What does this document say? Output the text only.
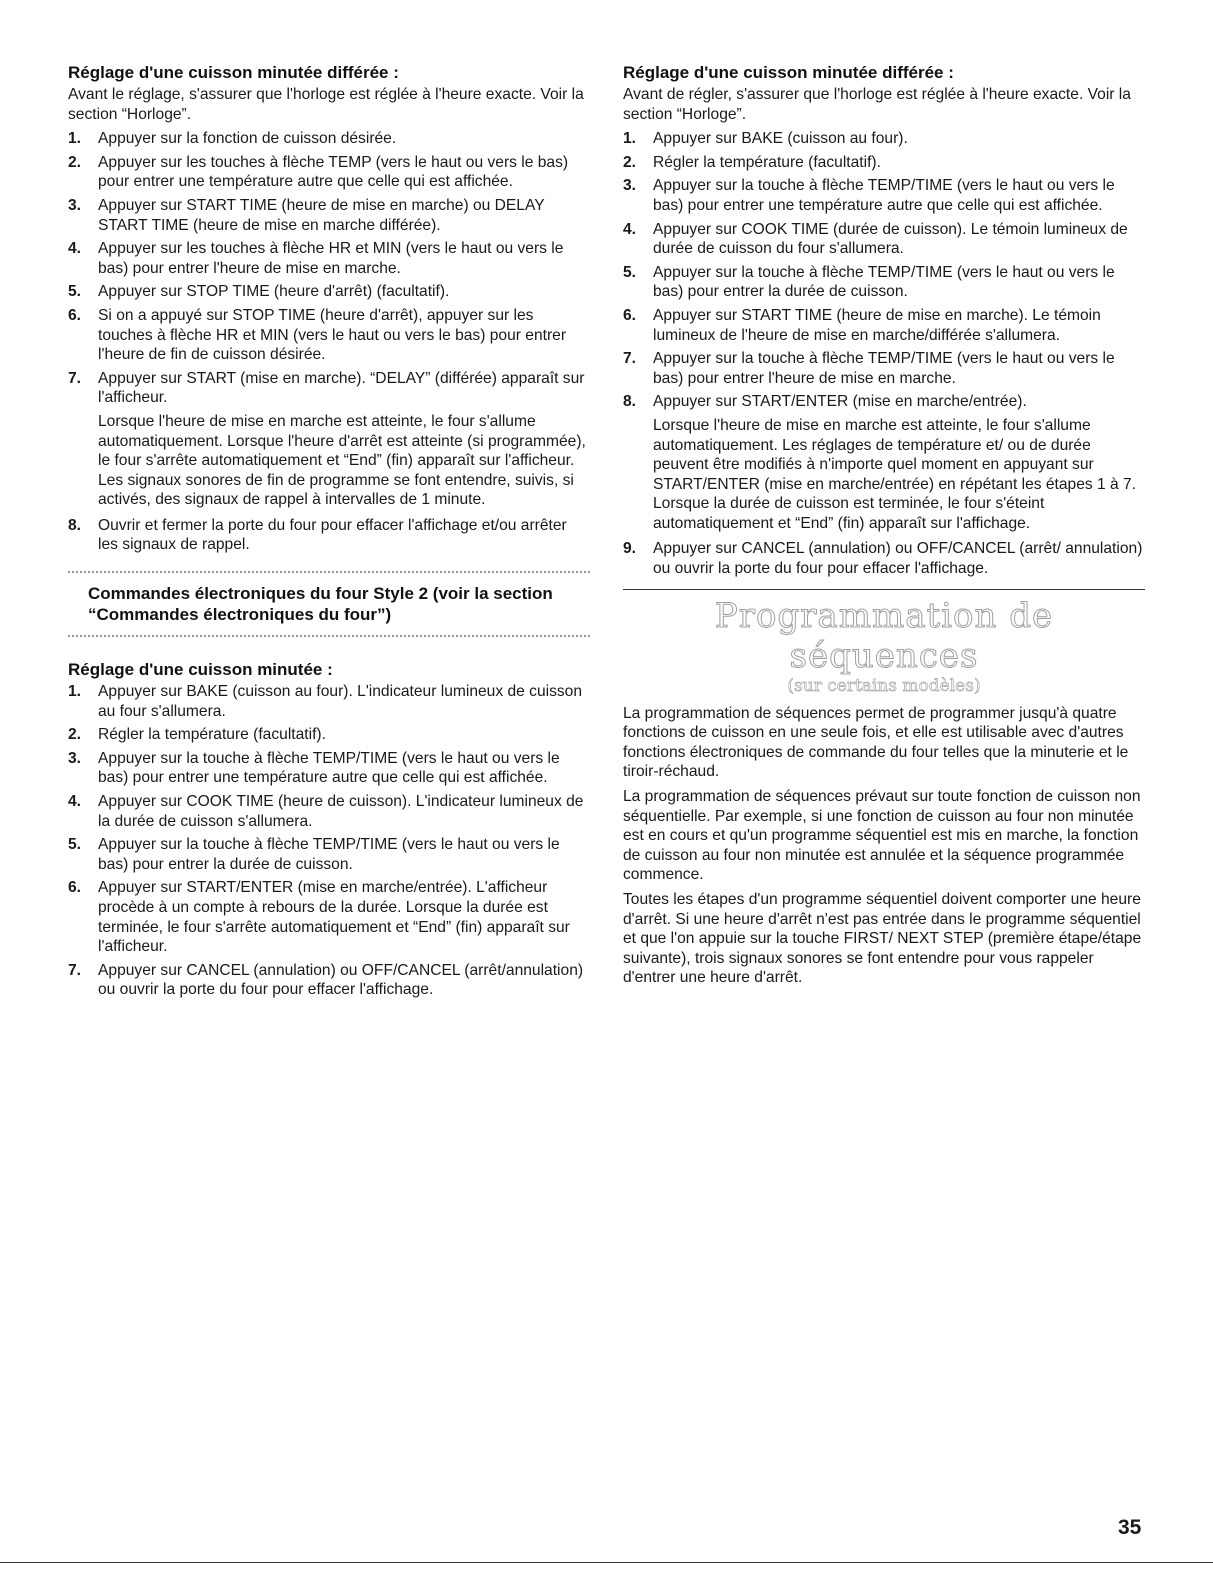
Réglage d'une cuisson minutée différée :

Avant le réglage, s'assurer que l'horloge est réglée à l'heure exacte. Voir la section “Horloge”.

1.	Appuyer sur la fonction de cuisson désirée.
2.	Appuyer sur les touches à flèche TEMP (vers le haut ou vers le bas) pour entrer une température autre que celle qui est affichée.
3.	Appuyer sur START TIME (heure de mise en marche) ou DELAY START TIME (heure de mise en marche différée).
4.	Appuyer sur les touches à flèche HR et MIN (vers le haut ou vers le bas) pour entrer l'heure de mise en marche.
5.	Appuyer sur STOP TIME (heure d'arrêt) (facultatif).
6.	Si on a appuyé sur STOP TIME (heure d'arrêt), appuyer sur les touches à flèche HR et MIN (vers le haut ou vers le bas) pour entrer l'heure de fin de cuisson désirée.
7.	Appuyer sur START (mise en marche). “DELAY” (différée) apparaît sur l'afficheur.
Lorsque l'heure de mise en marche est atteinte, le four s'allume automatiquement. Lorsque l'heure d'arrêt est atteinte (si programmée), le four s'arrête automatiquement et “End” (fin) apparaît sur l'afficheur. Les signaux sonores de fin de programme se font entendre, suivis, si activés, des signaux de rappel à intervalles de 1 minute.
8.	Ouvrir et fermer la porte du four pour effacer l'affichage et/ou arrêter les signaux de rappel.
Commandes électroniques du four Style 2 (voir la section “Commandes électroniques du four”)
Réglage d'une cuisson minutée :
1.	Appuyer sur BAKE (cuisson au four). L'indicateur lumineux de cuisson au four s'allumera.
2.	Régler la température (facultatif).
3.	Appuyer sur la touche à flèche TEMP/TIME (vers le haut ou vers le bas) pour entrer une température autre que celle qui est affichée.
4.	Appuyer sur COOK TIME (heure de cuisson). L'indicateur lumineux de la durée de cuisson s'allumera.
5.	Appuyer sur la touche à flèche TEMP/TIME (vers le haut ou vers le bas) pour entrer la durée de cuisson.
6.	Appuyer sur START/ENTER (mise en marche/entrée). L'afficheur procède à un compte à rebours de la durée. Lorsque la durée est terminée, le four s'arrête automatiquement et “End” (fin) apparaît sur l'afficheur.
7.	Appuyer sur CANCEL (annulation) ou OFF/CANCEL (arrêt/annulation) ou ouvrir la porte du four pour effacer l'affichage.
Réglage d'une cuisson minutée différée :

Avant de régler, s'assurer que l'horloge est réglée à l'heure exacte. Voir la section “Horloge”.

1.	Appuyer sur BAKE (cuisson au four).
2.	Régler la température (facultatif).
3.	Appuyer sur la touche à flèche TEMP/TIME (vers le haut ou vers le bas) pour entrer une température autre que celle qui est affichée.
4.	Appuyer sur COOK TIME (durée de cuisson). Le témoin lumineux de durée de cuisson du four s'allumera.
5.	Appuyer sur la touche à flèche TEMP/TIME (vers le haut ou vers le bas) pour entrer la durée de cuisson.
6.	Appuyer sur START TIME (heure de mise en marche). Le témoin lumineux de l'heure de mise en marche/différée s'allumera.
7.	Appuyer sur la touche à flèche TEMP/TIME (vers le haut ou vers le bas) pour entrer l'heure de mise en marche.
8.	Appuyer sur START/ENTER (mise en marche/entrée).
Lorsque l'heure de mise en marche est atteinte, le four s'allume automatiquement. Les réglages de température et/ ou de durée peuvent être modifiés à n'importe quel moment en appuyant sur START/ENTER (mise en marche/entrée) en répétant les étapes 1 à 7. Lorsque la durée de cuisson est terminée, le four s'éteint automatiquement et “End” (fin) apparaît sur l'affichage.
9.	Appuyer sur CANCEL (annulation) ou OFF/CANCEL (arrêt/ annulation) ou ouvrir la porte du four pour effacer l'affichage.
Programmation de séquences
(sur certains modèles)

La programmation de séquences permet de programmer jusqu'à quatre fonctions de cuisson en une seule fois, et elle est utilisable avec d'autres fonctions électroniques de commande du four telles que la minuterie et le tiroir-réchaud.

La programmation de séquences prévaut sur toute fonction de cuisson non séquentielle. Par exemple, si une fonction de cuisson au four non minutée est en cours et qu'un programme séquentiel est mis en marche, la fonction de cuisson au four non minutée est annulée et la séquence programmée commence.

Toutes les étapes d'un programme séquentiel doivent comporter une heure d'arrêt. Si une heure d'arrêt n'est pas entrée dans le programme séquentiel et que l'on appuie sur la touche FIRST/ NEXT STEP (première étape/étape suivante), trois signaux sonores se font entendre pour vous rappeler d'entrer une heure d'arrêt.

35
